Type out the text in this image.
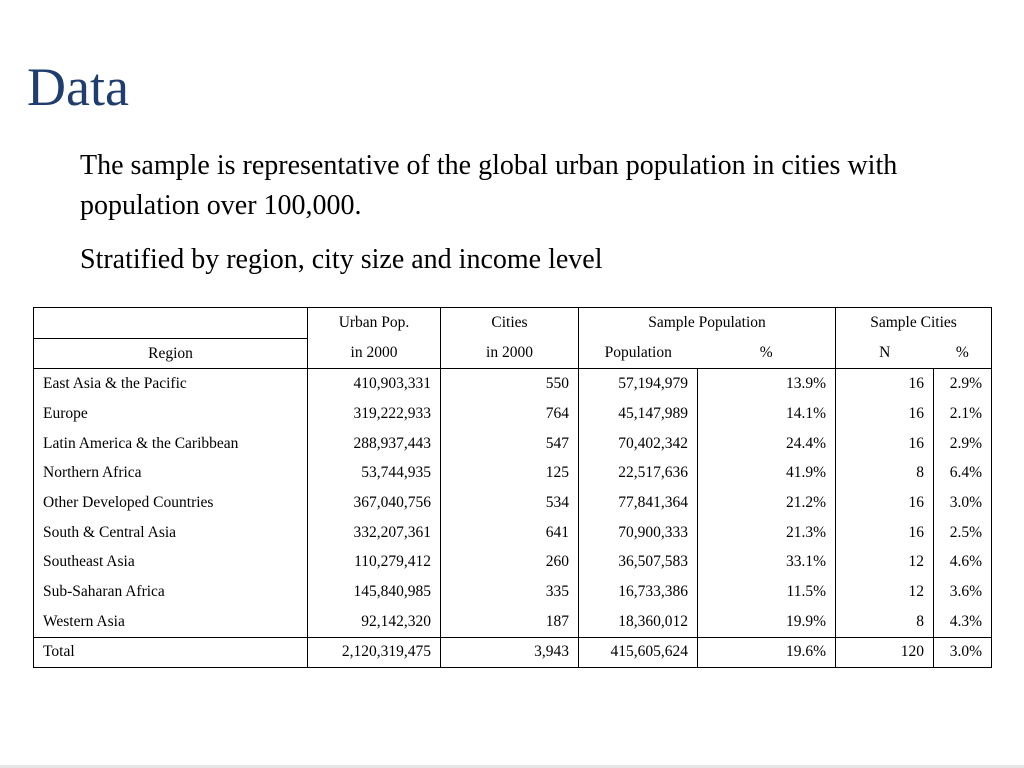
Data

The sample is representative of the global urban population in cities with population over 100,000.

Stratified by region, city size and income level

	Urban Pop.	Cities	Sample Population		Sample Cities	
Region	in 2000	in 2000	Population	%	N	%
East Asia & the Pacific	410,903,331	550	57,194,979	13.9%	16	2.9%
Europe	319,222,933	764	45,147,989	14.1%	16	2.1%
Latin America & the Caribbean	288,937,443	547	70,402,342	24.4%	16	2.9%
Northern Africa	53,744,935	125	22,517,636	41.9%	8	6.4%
Other Developed Countries	367,040,756	534	77,841,364	21.2%	16	3.0%
South & Central Asia	332,207,361	641	70,900,333	21.3%	16	2.5%
Southeast Asia	110,279,412	260	36,507,583	33.1%	12	4.6%
Sub-Saharan Africa	145,840,985	335	16,733,386	11.5%	12	3.6%
Western Asia	92,142,320	187	18,360,012	19.9%	8	4.3%
Total	2,120,319,475	3,943	415,605,624	19.6%	120	3.0%
